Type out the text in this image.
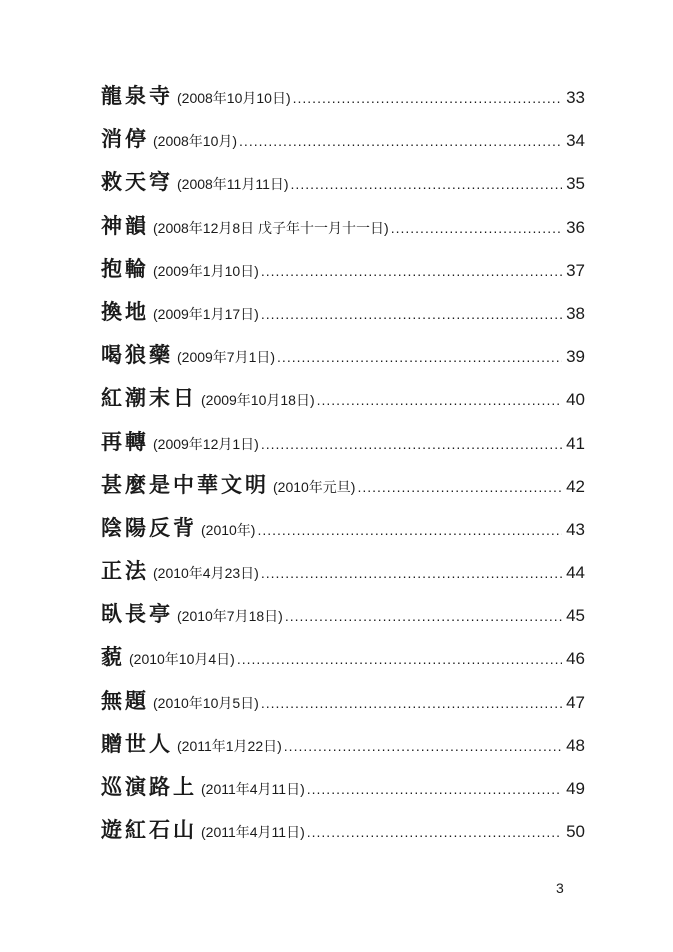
龍泉寺 (2008年10月10日) .....	33
消停 (2008年10月) .....	34
救天穹 (2008年11月11日) .....	35
神韻 (2008年12月8日 戊子年十一月十一日) .....	36
抱輪 (2009年1月10日) .....	37
換地 (2009年1月17日) .....	38
喝狼藥 (2009年7月1日) .....	39
紅潮末日 (2009年10月18日) .....	40
再轉 (2009年12月1日) .....	41
甚麼是中華文明 (2010年元旦) .....	42
陰陽反背 (2010年) .....	43
正法 (2010年4月23日) .....	44
臥長亭 (2010年7月18日) .....	45
藐 (2010年10月4日) .....	46
無題 (2010年10月5日) .....	47
贈世人 (2011年1月22日) .....	48
巡演路上 (2011年4月11日) .....	49
遊紅石山 (2011年4月11日) .....	50
3
